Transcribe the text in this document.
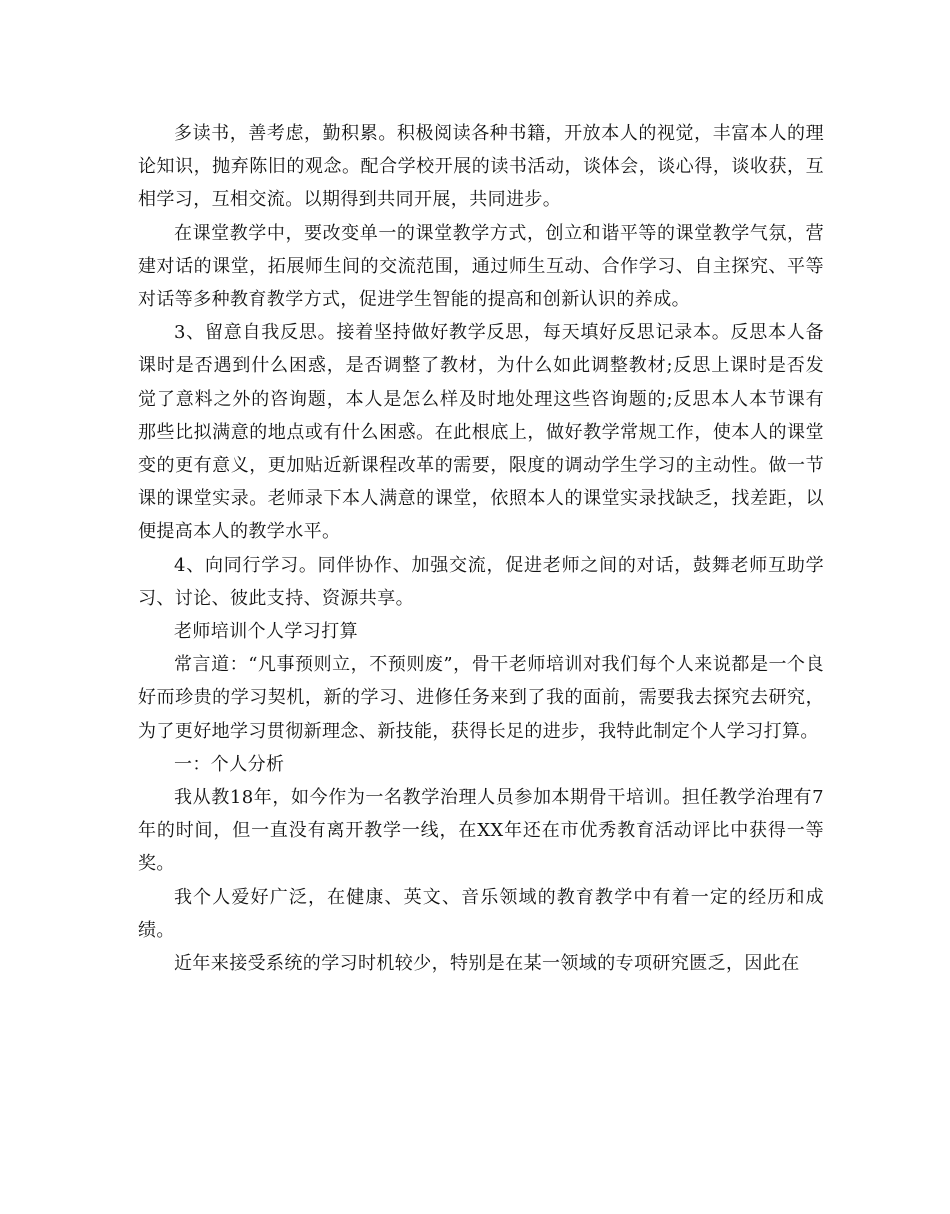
多读书，善考虑，勤积累。积极阅读各种书籍，开放本人的视觉，丰富本人的理论知识，抛弃陈旧的观念。配合学校开展的读书活动，谈体会，谈心得，谈收获，互相学习，互相交流。以期得到共同开展，共同进步。

在课堂教学中，要改变单一的课堂教学方式，创立和谐平等的课堂教学气氛，营建对话的课堂，拓展师生间的交流范围，通过师生互动、合作学习、自主探究、平等对话等多种教育教学方式，促进学生智能的提高和创新认识的养成。

3、留意自我反思。接着坚持做好教学反思，每天填好反思记录本。反思本人备课时是否遇到什么困惑，是否调整了教材，为什么如此调整教材;反思上课时是否发觉了意料之外的咨询题，本人是怎么样及时地处理这些咨询题的;反思本人本节课有那些比拟满意的地点或有什么困惑。在此根底上，做好教学常规工作，使本人的课堂变的更有意义，更加贴近新课程改革的需要，限度的调动学生学习的主动性。做一节课的课堂实录。老师录下本人满意的课堂，依照本人的课堂实录找缺乏，找差距，以便提高本人的教学水平。

4、向同行学习。同伴协作、加强交流，促进老师之间的对话，鼓舞老师互助学习、讨论、彼此支持、资源共享。

老师培训个人学习打算

常言道：“凡事预则立，不预则废”，骨干老师培训对我们每个人来说都是一个良好而珍贵的学习契机，新的学习、进修任务来到了我的面前，需要我去探究去研究，为了更好地学习贯彻新理念、新技能，获得长足的进步，我特此制定个人学习打算。

一：个人分析

我从教18年，如今作为一名教学治理人员参加本期骨干培训。担任教学治理有7年的时间，但一直没有离开教学一线，在XX年还在市优秀教育活动评比中获得一等奖。

我个人爱好广泛，在健康、英文、音乐领域的教育教学中有着一定的经历和成绩。

近年来接受系统的学习时机较少，特别是在某一领域的专项研究匮乏，因此在
